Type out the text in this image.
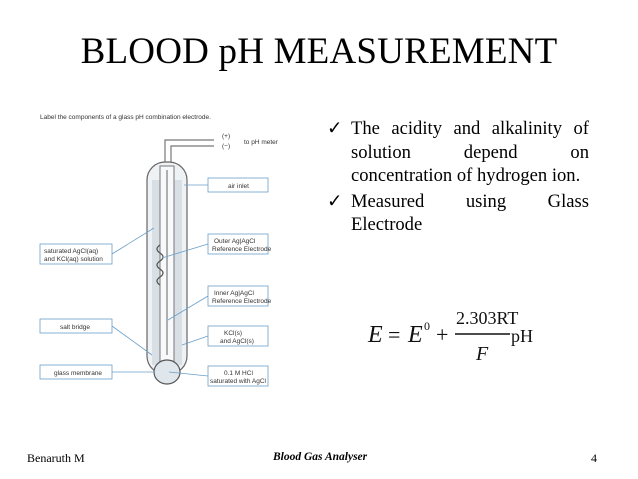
BLOOD pH MEASUREMENT
Label the components of a glass pH combination electrode.
(+)
(−)
to pH meter
air inlet
Outer Ag|AgCl
Reference Electrode
Inner Ag|AgCl
Reference Electrode
KCl(s)
and AgCl(s)
0.1 M HCl
saturated with AgCl
saturated AgCl(aq)
and KCl(aq) solution
salt bridge
glass membrane
✓ The acidity and alkalinity of solution depend on concentration of hydrogen ion.
✓ Measured using Glass Electrode
E = E 0 +
2.303RT
F
pH
Benaruth M	Blood Gas Analyser	4
